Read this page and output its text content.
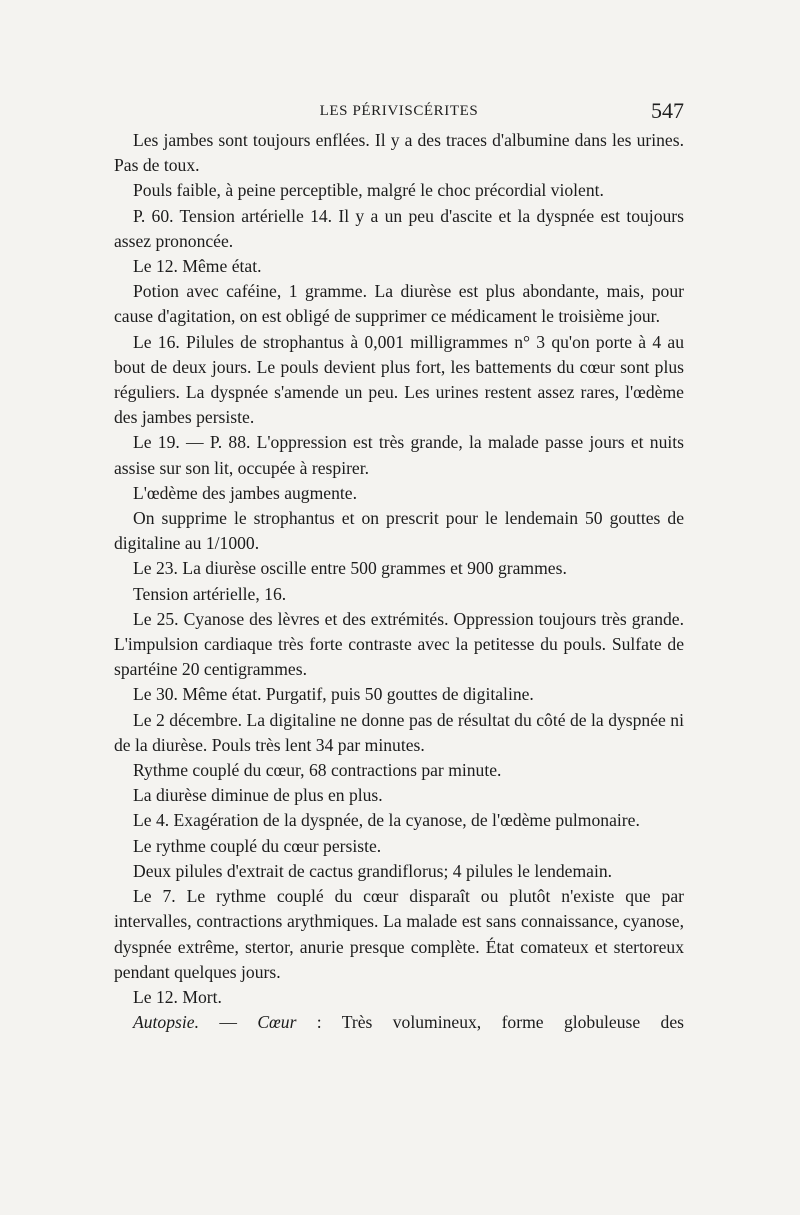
LES PÉRIVISCÉRITES	547

Les jambes sont toujours enflées. Il y a des traces d'albumine dans les urines. Pas de toux.

Pouls faible, à peine perceptible, malgré le choc précordial violent.

P. 60. Tension artérielle 14. Il y a un peu d'ascite et la dyspnée est toujours assez prononcée.

Le 12. Même état.

Potion avec caféine, 1 gramme. La diurèse est plus abondante, mais, pour cause d'agitation, on est obligé de supprimer ce médicament le troisième jour.

Le 16. Pilules de strophantus à 0,001 milligrammes n° 3 qu'on porte à 4 au bout de deux jours. Le pouls devient plus fort, les battements du cœur sont plus réguliers. La dyspnée s'amende un peu. Les urines restent assez rares, l'œdème des jambes persiste.

Le 19. — P. 88. L'oppression est très grande, la malade passe jours et nuits assise sur son lit, occupée à respirer.

L'œdème des jambes augmente.

On supprime le strophantus et on prescrit pour le lendemain 50 gouttes de digitaline au 1/1000.

Le 23. La diurèse oscille entre 500 grammes et 900 grammes.

Tension artérielle, 16.

Le 25. Cyanose des lèvres et des extrémités. Oppression toujours très grande. L'impulsion cardiaque très forte contraste avec la petitesse du pouls. Sulfate de spartéine 20 centigrammes.

Le 30. Même état. Purgatif, puis 50 gouttes de digitaline.

Le 2 décembre. La digitaline ne donne pas de résultat du côté de la dyspnée ni de la diurèse. Pouls très lent 34 par minutes.

Rythme couplé du cœur, 68 contractions par minute.

La diurèse diminue de plus en plus.

Le 4. Exagération de la dyspnée, de la cyanose, de l'œdème pulmonaire.

Le rythme couplé du cœur persiste.

Deux pilules d'extrait de cactus grandiflorus; 4 pilules le lendemain.

Le 7. Le rythme couplé du cœur disparaît ou plutôt n'existe que par intervalles, contractions arythmiques. La malade est sans connaissance, cyanose, dyspnée extrême, stertor, anurie presque complète. État comateux et stertoreux pendant quelques jours.

Le 12. Mort.

Autopsie. — Cœur : Très volumineux, forme globuleuse des
